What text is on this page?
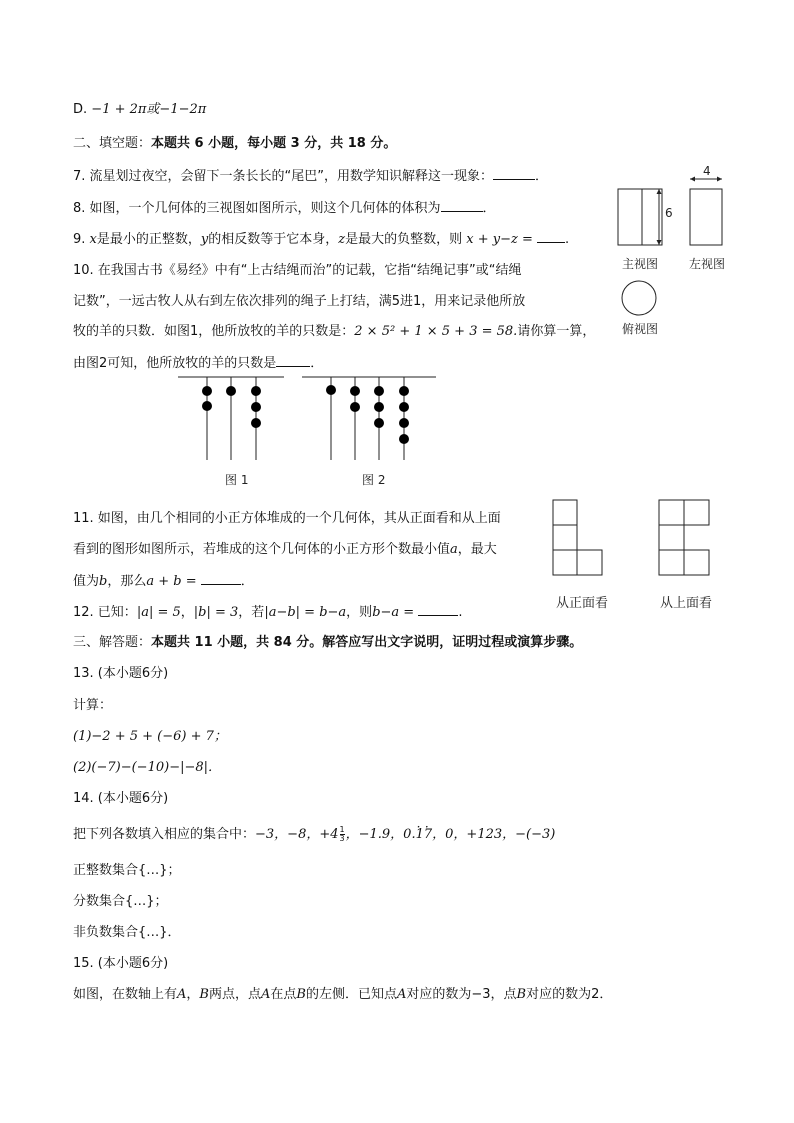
D. −1 + 2π或−1−2π
二、填空题：本题共 6 小题，每小题 3 分，共 18 分。
7. 流星划过夜空，会留下一条长长的“尾巴”，用数学知识解释这一现象：	．
8. 如图，一个几何体的三视图如图所示，则这个几何体的体积为	．
9. x是最小的正整数，y的相反数等于它本身，z是最大的负整数，则 x + y−z = .
10. 在我国古书《易经》中有“上古结绳而治”的记载，它指“结绳记事”或“结绳
记数”，一远古牧人从右到左依次排列的绳子上打结，满5进1，用来记录他所放
牧的羊的只数．如图1，他所放牧的羊的只数是：2 × 5² + 1 × 5 + 3 = 58.请你算一算，
由图2可知，他所放牧的羊的只数是	．
6
4
主视图	左视图
俯视图
图 1	图 2
11. 如图，由几个相同的小正方体堆成的一个几何体，其从正面看和从上面
看到的图形如图所示，若堆成的这个几何体的小正方形个数最小值a，最大
值为b，那么a + b =	．
从正面看	从上面看
12. 已知：|a| = 5，|b| = 3，若|a−b| = b−a，则b−a =	.
三、解答题：本题共 11 小题，共 84 分。解答应写出文字说明，证明过程或演算步骤。
13. (本小题6分)
计算：
(1)−2 + 5 + (−6) + 7；
(2)(−7)−(−10)−|−8|．
14. (本小题6分)
把下列各数填入相应的集合中：−3，−8，$+4 \frac{1}{3}$ ，−1.9，0.1 ·7 ·，0，+123，−(−3)
正整数集合{…}；
分数集合{…}；
非负数集合{…}．
15. (本小题6分)
如图，在数轴上有A，B两点，点A在点B的左侧．已知点A对应的数为−3，点B对应的数为2．
